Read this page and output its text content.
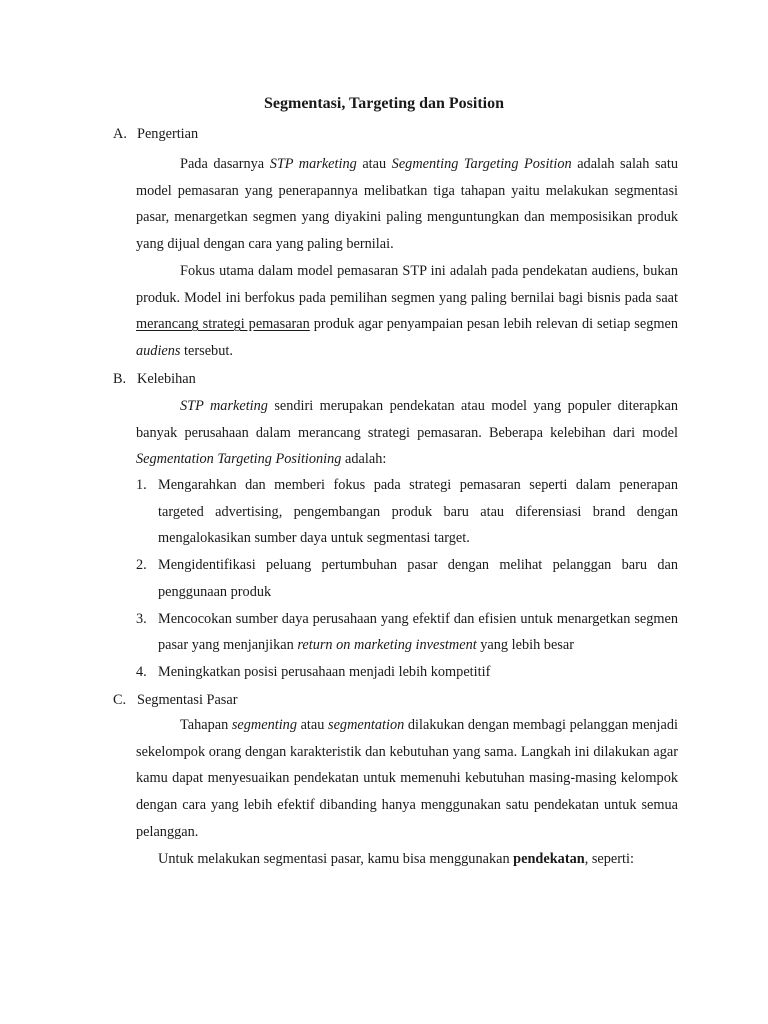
Segmentasi, Targeting dan Position
A. Pengertian

Pada dasarnya STP marketing atau Segmenting Targeting Position adalah salah satu model pemasaran yang penerapannya melibatkan tiga tahapan yaitu melakukan segmentasi pasar, menargetkan segmen yang diyakini paling menguntungkan dan memposisikan produk yang dijual dengan cara yang paling bernilai.

Fokus utama dalam model pemasaran STP ini adalah pada pendekatan audiens, bukan produk. Model ini berfokus pada pemilihan segmen yang paling bernilai bagi bisnis pada saat merancang strategi pemasaran produk agar penyampaian pesan lebih relevan di setiap segmen audiens tersebut.

B. Kelebihan

STP marketing sendiri merupakan pendekatan atau model yang populer diterapkan banyak perusahaan dalam merancang strategi pemasaran. Beberapa kelebihan dari model Segmentation Targeting Positioning adalah:

1. Mengarahkan dan memberi fokus pada strategi pemasaran seperti dalam penerapan targeted advertising, pengembangan produk baru atau diferensiasi brand dengan mengalokasikan sumber daya untuk segmentasi target.
2. Mengidentifikasi peluang pertumbuhan pasar dengan melihat pelanggan baru dan penggunaan produk
3. Mencocokan sumber daya perusahaan yang efektif dan efisien untuk menargetkan segmen pasar yang menjanjikan return on marketing investment yang lebih besar
4. Meningkatkan posisi perusahaan menjadi lebih kompetitif
C. Segmentasi Pasar

Tahapan segmenting atau segmentation dilakukan dengan membagi pelanggan menjadi sekelompok orang dengan karakteristik dan kebutuhan yang sama. Langkah ini dilakukan agar kamu dapat menyesuaikan pendekatan untuk memenuhi kebutuhan masing-masing kelompok dengan cara yang lebih efektif dibanding hanya menggunakan satu pendekatan untuk semua pelanggan.

Untuk melakukan segmentasi pasar, kamu bisa menggunakan pendekatan, seperti:
